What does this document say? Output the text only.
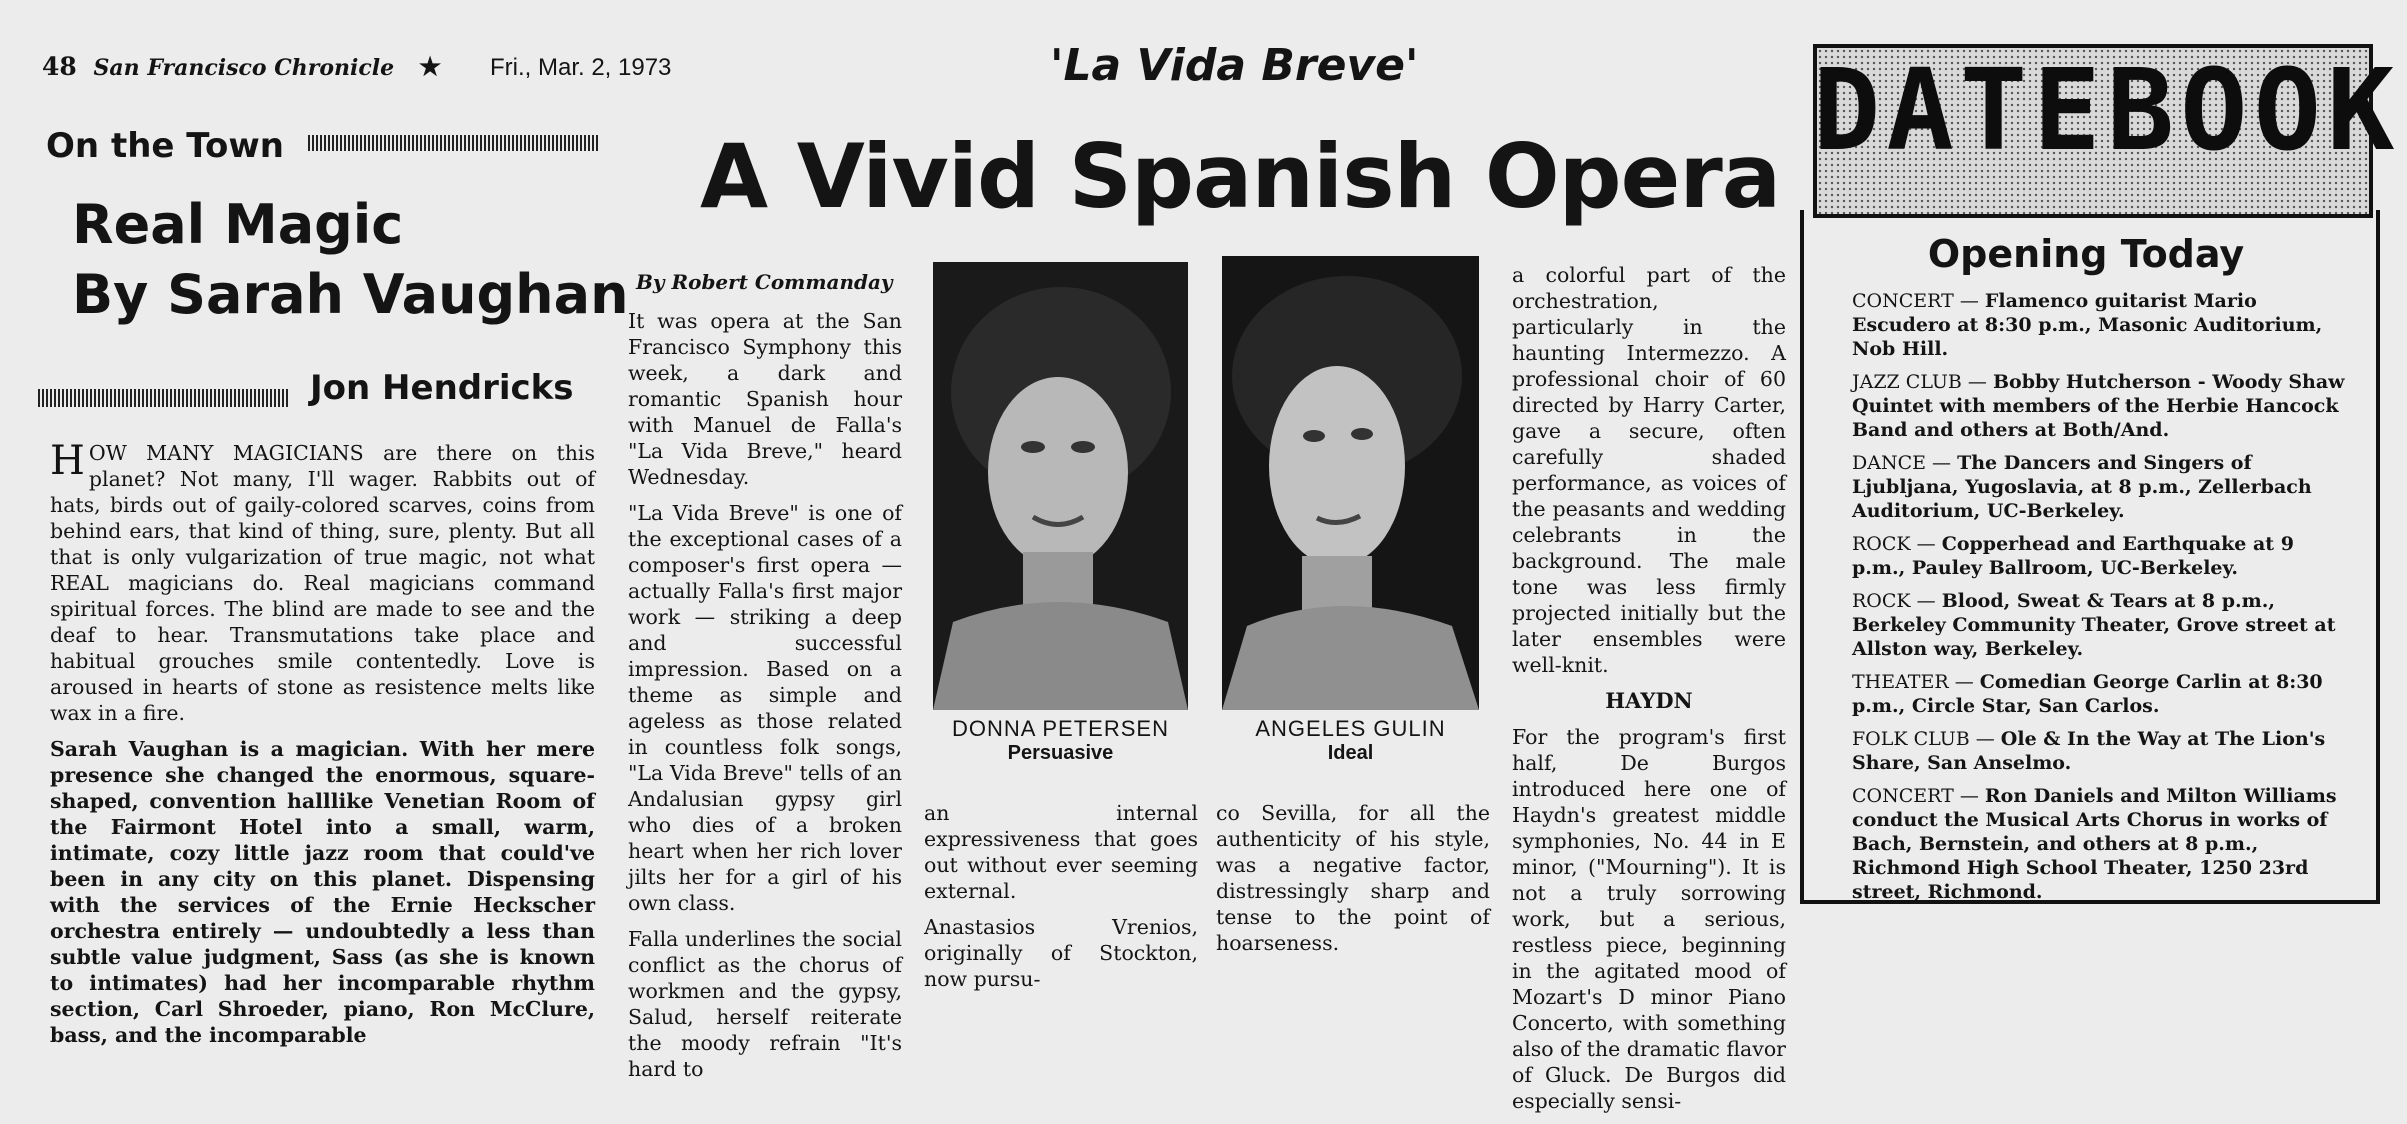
48 San Francisco Chronicle ★ Fri., Mar. 2, 1973
On the Town
Real Magic
By Sarah Vaughan
Jon Hendricks

HOW MANY MAGICIANS are there on this planet? Not many, I'll wager. Rabbits out of hats, birds out of gaily-colored scarves, coins from behind ears, that kind of thing, sure, plenty. But all that is only vulgarization of true magic, not what REAL magicians do. Real magicians command spiritual forces. The blind are made to see and the deaf to hear. Transmutations take place and habitual grouches smile contentedly. Love is aroused in hearts of stone as resistence melts like wax in a fire.

Sarah Vaughan is a magician. With her mere presence she changed the enormous, square-shaped, convention halllike Venetian Room of the Fairmont Hotel into a small, warm, intimate, cozy little jazz room that could've been in any city on this planet. Dispensing with the services of the Ernie Heckscher orchestra entirely — undoubtedly a less than subtle value judgment, Sass (as she is known to intimates) had her incomparable rhythm section, Carl Shroeder, piano, Ron McClure, bass, and the incomparable

'La Vida Breve'
A Vivid Spanish Opera
By Robert Commanday

It was opera at the San Francisco Symphony this week, a dark and romantic Spanish hour with Manuel de Falla's "La Vida Breve," heard Wednesday.

"La Vida Breve" is one of the exceptional cases of a composer's first opera — actually Falla's first major work — striking a deep and successful impression. Based on a theme as simple and ageless as those related in countless folk songs, "La Vida Breve" tells of an Andalusian gypsy girl who dies of a broken heart when her rich lover jilts her for a girl of his own class.

Falla underlines the social conflict as the chorus of workmen and the gypsy, Salud, herself reiterate the moody refrain "It's hard to

DONNA PETERSEN
Persuasive
ANGELES GULIN
Ideal

an internal expressiveness that goes out without ever seeming external.

Anastasios Vrenios, originally of Stockton, now pursu-

co Sevilla, for all the authenticity of his style, was a negative factor, distressingly sharp and tense to the point of hoarseness.

a colorful part of the orchestration, particularly in the haunting Intermezzo. A professional choir of 60 directed by Harry Carter, gave a secure, often carefully shaded performance, as voices of the peasants and wedding celebrants in the background. The male tone was less firmly projected initially but the later ensembles were well-knit.

HAYDN

For the program's first half, De Burgos introduced here one of Haydn's greatest middle symphonies, No. 44 in E minor, ("Mourning"). It is not a truly sorrowing work, but a serious, restless piece, beginning in the agitated mood of Mozart's D minor Piano Concerto, with something also of the dramatic flavor of Gluck. De Burgos did especially sensi-

DATEBOOK
Opening Today
CONCERT — Flamenco guitarist Mario Escudero at 8:30 p.m., Masonic Auditorium, Nob Hill.
JAZZ CLUB — Bobby Hutcherson - Woody Shaw Quintet with members of the Herbie Hancock Band and others at Both/And.
DANCE — The Dancers and Singers of Ljubljana, Yugoslavia, at 8 p.m., Zellerbach Auditorium, UC-Berkeley.
ROCK — Copperhead and Earthquake at 9 p.m., Pauley Ballroom, UC-Berkeley.
ROCK — Blood, Sweat & Tears at 8 p.m., Berkeley Community Theater, Grove street at Allston way, Berkeley.
THEATER — Comedian George Carlin at 8:30 p.m., Circle Star, San Carlos.
FOLK CLUB — Ole & In the Way at The Lion's Share, San Anselmo.
CONCERT — Ron Daniels and Milton Williams conduct the Musical Arts Chorus in works of Bach, Bernstein, and others at 8 p.m., Richmond High School Theater, 1250 23rd street, Richmond.
